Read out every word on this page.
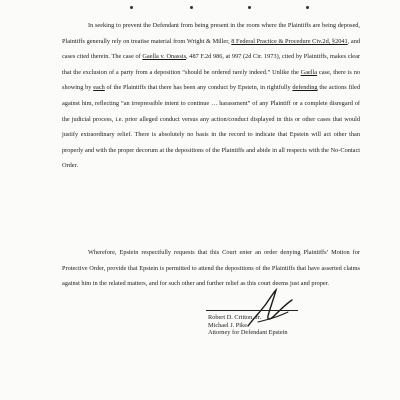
In seeking to prevent the Defendant from being present in the room where the Plaintiffs are being deposed, Plaintiffs generally rely on treatise material from Wright & Miller, 8 Federal Practice & Procedure Civ.2d, §2041, and cases cited therein. The case of Gaella v. Onassis, 487 F.2d 986, at 997 (2d Cir. 1973), cited by Plaintiffs, makes clear that the exclusion of a party from a deposition “should be ordered rarely indeed.” Unlike the Gaella case, there is no showing by each of the Plaintiffs that there has been any conduct by Epstein, in rightfully defending the actions filed against him, reflecting “an irrepressible intent to continue … harassment” of any Plaintiff or a complete disregard of the judicial process, i.e. prior alleged conduct versus any action/conduct displayed in this or other cases that would justify extraordinary relief. There is absolutely no basis in the record to indicate that Epstein will act other than properly and with the proper decorum at the depositions of the Plaintiffs and abide in all respects with the No-Contact Order.

Wherefore, Epstein respectfully requests that this Court enter an order denying Plaintiffs’ Motion for Protective Order, provide that Epstein is permitted to attend the depositions of the Plaintiffs that have asserted claims against him in the related matters, and for such other and further relief as this court deems just and proper.

Robert D. Critton, Jr.
Michael J. Pike
Attorney for Defendant Epstein
